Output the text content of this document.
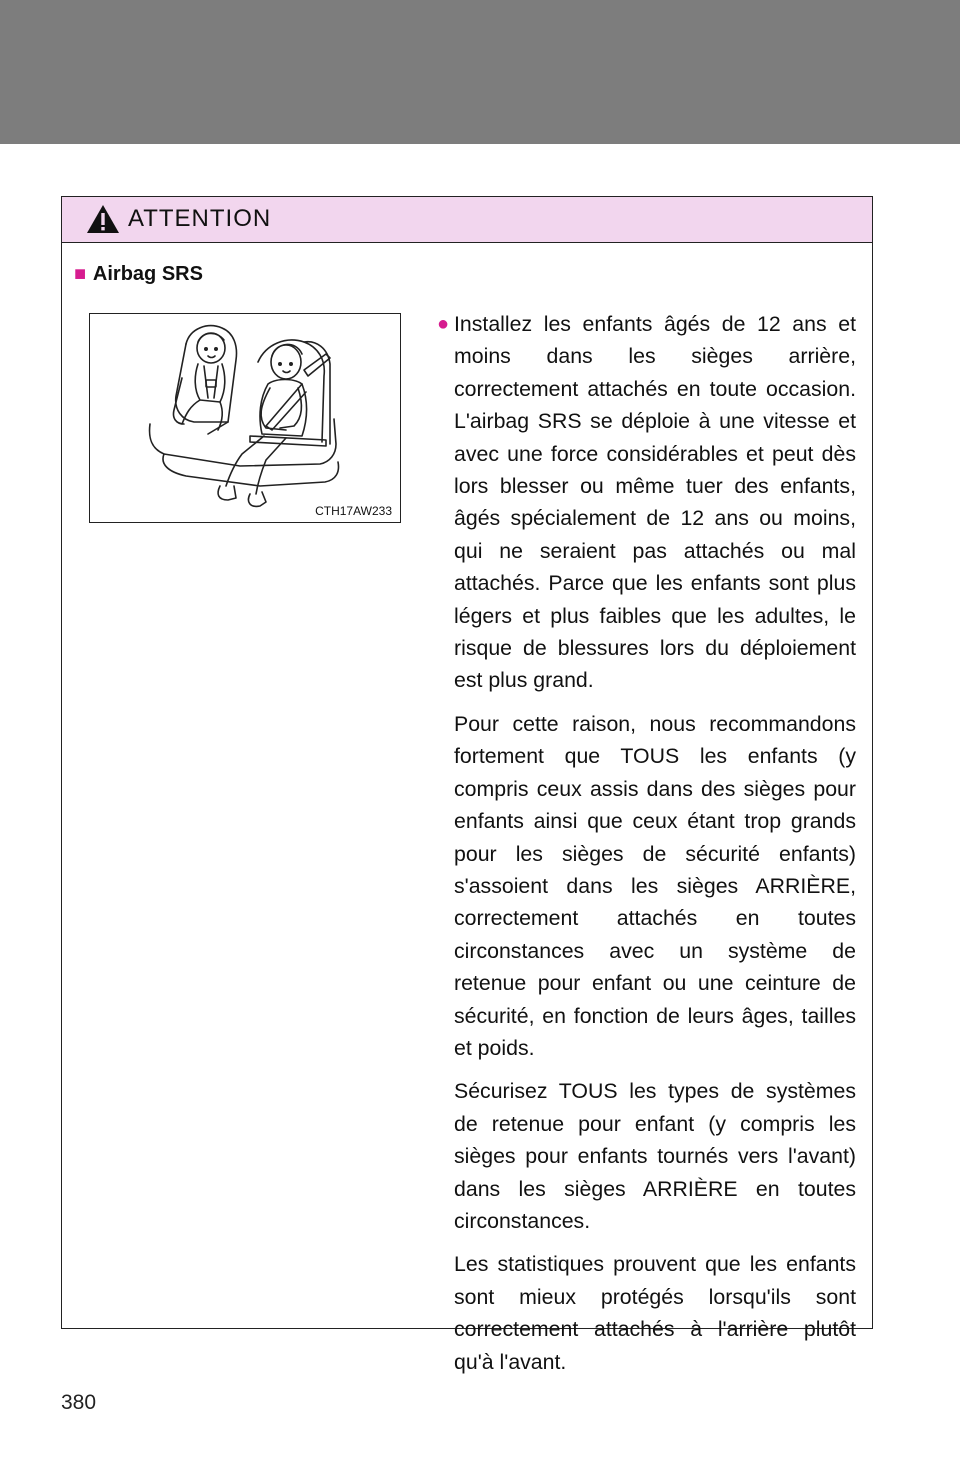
ATTENTION
■ Airbag SRS
CTH17AW233
● Installez les enfants âgés de 12 ans et moins dans les sièges arrière, correctement attachés en toute occasion. L'airbag SRS se déploie à une vitesse et avec une force considérables et peut dès lors blesser ou même tuer des enfants, âgés spécialement de 12 ans ou moins, qui ne seraient pas attachés ou mal attachés. Parce que les enfants sont plus légers et plus faibles que les adultes, le risque de blessures lors du déploiement est plus grand.

Pour cette raison, nous recommandons fortement que TOUS les enfants (y compris ceux assis dans des sièges pour enfants ainsi que ceux étant trop grands pour les sièges de sécurité enfants) s'assoient dans les sièges ARRIÈRE, correctement attachés en toutes circonstances avec un système de retenue pour enfant ou une ceinture de sécurité, en fonction de leurs âges, tailles et poids.

Sécurisez TOUS les types de systèmes de retenue pour enfant (y compris les sièges pour enfants tournés vers l'avant) dans les sièges ARRIÈRE en toutes circonstances.

Les statistiques prouvent que les enfants sont mieux protégés lorsqu'ils sont correctement attachés à l'arrière plutôt qu'à l'avant.

380
